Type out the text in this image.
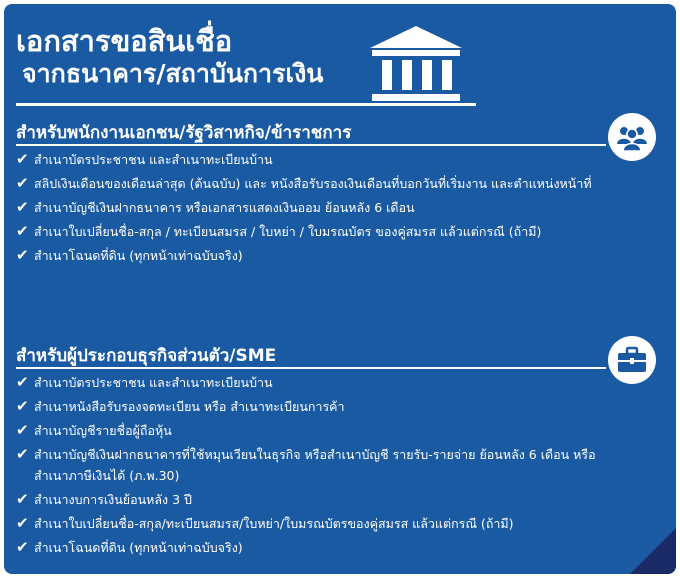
เอกสารขอสินเชื่อ
จากธนาคาร/สถาบันการเงิน
สำหรับพนักงานเอกชน/รัฐวิสาหกิจ/ข้าราชการ
✔ สำเนาบัตรประชาชน และสำเนาทะเบียนบ้าน
✔ สลิปเงินเดือนของเดือนล่าสุด (ต้นฉบับ) และ หนังสือรับรองเงินเดือนที่บอกวันที่เริ่มงาน และตำแหน่งหน้าที่
✔ สำเนาบัญชีเงินฝากธนาคาร หรือเอกสารแสดงเงินออม ย้อนหลัง 6 เดือน
✔ สำเนาใบเปลี่ยนชื่อ-สกุล / ทะเบียนสมรส / ใบหย่า / ใบมรณบัตร ของคู่สมรส แล้วแต่กรณี (ถ้ามี)
✔ สำเนาโฉนดที่ดิน (ทุกหน้าเท่าฉบับจริง)
สำหรับผู้ประกอบธุรกิจส่วนตัว/SME
✔ สำเนาบัตรประชาชน และสำเนาทะเบียนบ้าน
✔ สำเนาหนังสือรับรองจดทะเบียน หรือ สำเนาทะเบียนการค้า
✔ สำเนาบัญชีรายชื่อผู้ถือหุ้น
✔ สำเนาบัญชีเงินฝากธนาคารที่ใช้หมุนเวียนในธุรกิจ หรือสำเนาบัญชี รายรับ-รายจ่าย ย้อนหลัง 6 เดือน หรือ สำเนาภาษีเงินได้ (ภ.พ.30)
✔ สำเนางบการเงินย้อนหลัง 3 ปี
✔ สำเนาใบเปลี่ยนชื่อ-สกุล/ทะเบียนสมรส/ใบหย่า/ใบมรณบัตรของคู่สมรส แล้วแต่กรณี (ถ้ามี)
✔ สำเนาโฉนดที่ดิน (ทุกหน้าเท่าฉบับจริง)
